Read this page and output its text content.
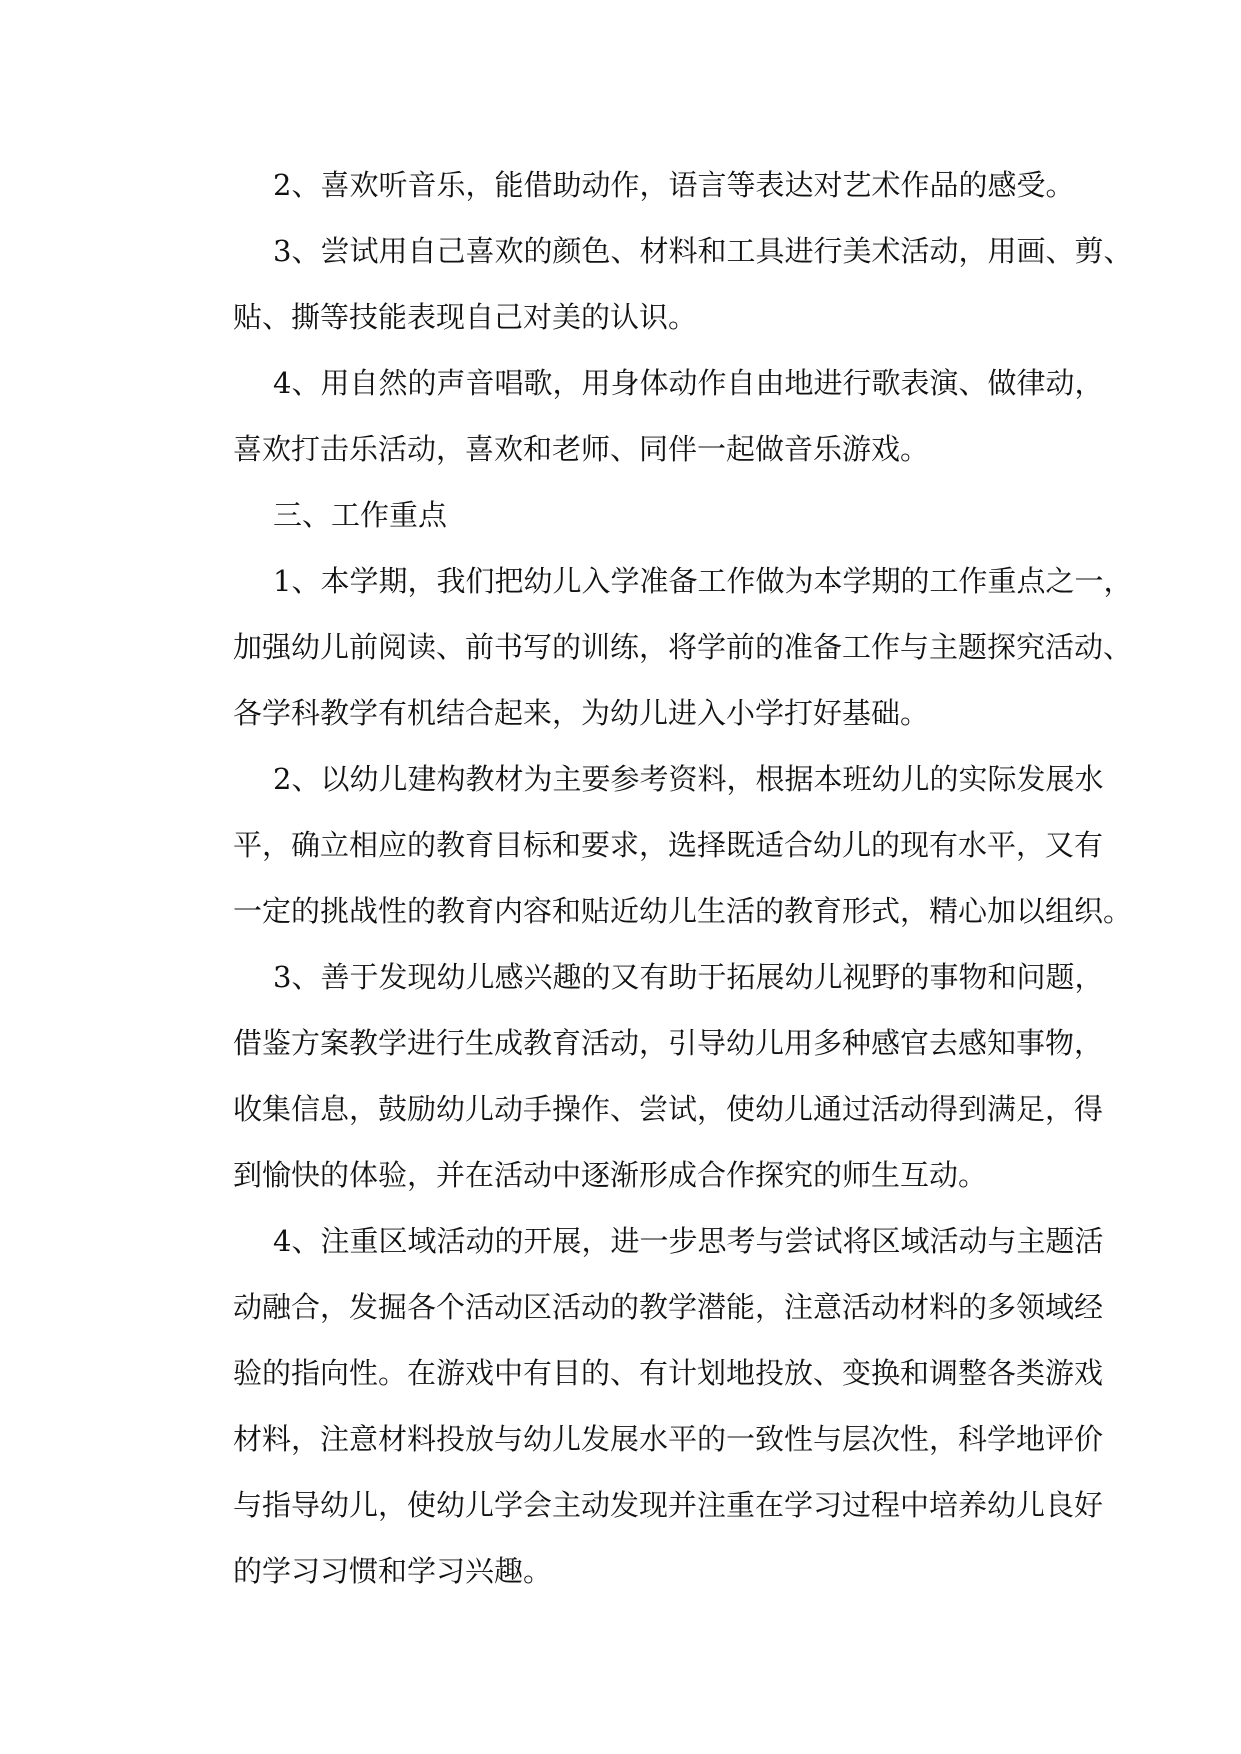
2、喜欢听音乐，能借助动作，语言等表达对艺术作品的感受。
3、尝试用自己喜欢的颜色、材料和工具进行美术活动，用画、剪、
贴、撕等技能表现自己对美的认识。
4、用自然的声音唱歌，用身体动作自由地进行歌表演、做律动，
喜欢打击乐活动，喜欢和老师、同伴一起做音乐游戏。
三、工作重点
1、本学期，我们把幼儿入学准备工作做为本学期的工作重点之一，
加强幼儿前阅读、前书写的训练，将学前的准备工作与主题探究活动、
各学科教学有机结合起来，为幼儿进入小学打好基础。
2、以幼儿建构教材为主要参考资料，根据本班幼儿的实际发展水
平，确立相应的教育目标和要求，选择既适合幼儿的现有水平，又有
一定的挑战性的教育内容和贴近幼儿生活的教育形式，精心加以组织。
3、善于发现幼儿感兴趣的又有助于拓展幼儿视野的事物和问题，
借鉴方案教学进行生成教育活动，引导幼儿用多种感官去感知事物，
收集信息，鼓励幼儿动手操作、尝试，使幼儿通过活动得到满足，得
到愉快的体验，并在活动中逐渐形成合作探究的师生互动。
4、注重区域活动的开展，进一步思考与尝试将区域活动与主题活
动融合，发掘各个活动区活动的教学潜能，注意活动材料的多领域经
验的指向性。在游戏中有目的、有计划地投放、变换和调整各类游戏
材料，注意材料投放与幼儿发展水平的一致性与层次性，科学地评价
与指导幼儿，使幼儿学会主动发现并注重在学习过程中培养幼儿良好
的学习习惯和学习兴趣。
